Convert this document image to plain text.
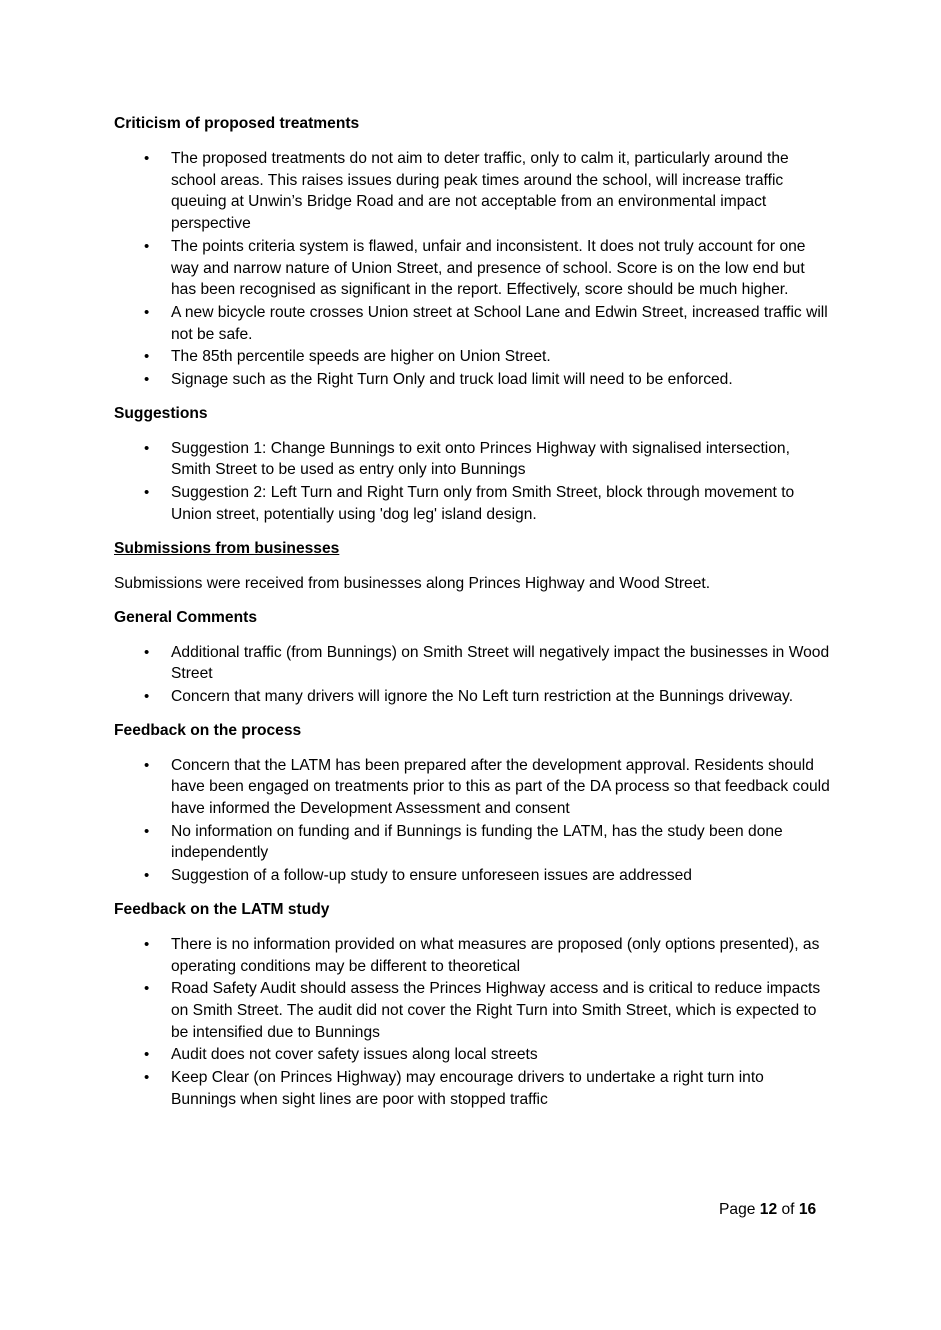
Criticism of proposed treatments
• The proposed treatments do not aim to deter traffic, only to calm it, particularly around the school areas. This raises issues during peak times around the school, will increase traffic queuing at Unwin’s Bridge Road and are not acceptable from an environmental impact perspective
• The points criteria system is flawed, unfair and inconsistent. It does not truly account for one way and narrow nature of Union Street, and presence of school. Score is on the low end but has been recognised as significant in the report. Effectively, score should be much higher.
• A new bicycle route crosses Union street at School Lane and Edwin Street, increased traffic will not be safe.
• The 85th percentile speeds are higher on Union Street.
• Signage such as the Right Turn Only and truck load limit will need to be enforced.
Suggestions
• Suggestion 1: Change Bunnings to exit onto Princes Highway with signalised intersection, Smith Street to be used as entry only into Bunnings
• Suggestion 2: Left Turn and Right Turn only from Smith Street, block through movement to Union street, potentially using 'dog leg' island design.
Submissions from businesses
Submissions were received from businesses along Princes Highway and Wood Street.
General Comments
• Additional traffic (from Bunnings) on Smith Street will negatively impact the businesses in Wood Street
• Concern that many drivers will ignore the No Left turn restriction at the Bunnings driveway.
Feedback on the process
• Concern that the LATM has been prepared after the development approval. Residents should have been engaged on treatments prior to this as part of the DA process so that feedback could have informed the Development Assessment and consent
• No information on funding and if Bunnings is funding the LATM, has the study been done independently
• Suggestion of a follow-up study to ensure unforeseen issues are addressed
Feedback on the LATM study
• There is no information provided on what measures are proposed (only options presented), as operating conditions may be different to theoretical
• Road Safety Audit should assess the Princes Highway access and is critical to reduce impacts on Smith Street. The audit did not cover the Right Turn into Smith Street, which is expected to be intensified due to Bunnings
• Audit does not cover safety issues along local streets
• Keep Clear (on Princes Highway) may encourage drivers to undertake a right turn into Bunnings when sight lines are poor with stopped traffic
Page 12 of 16
